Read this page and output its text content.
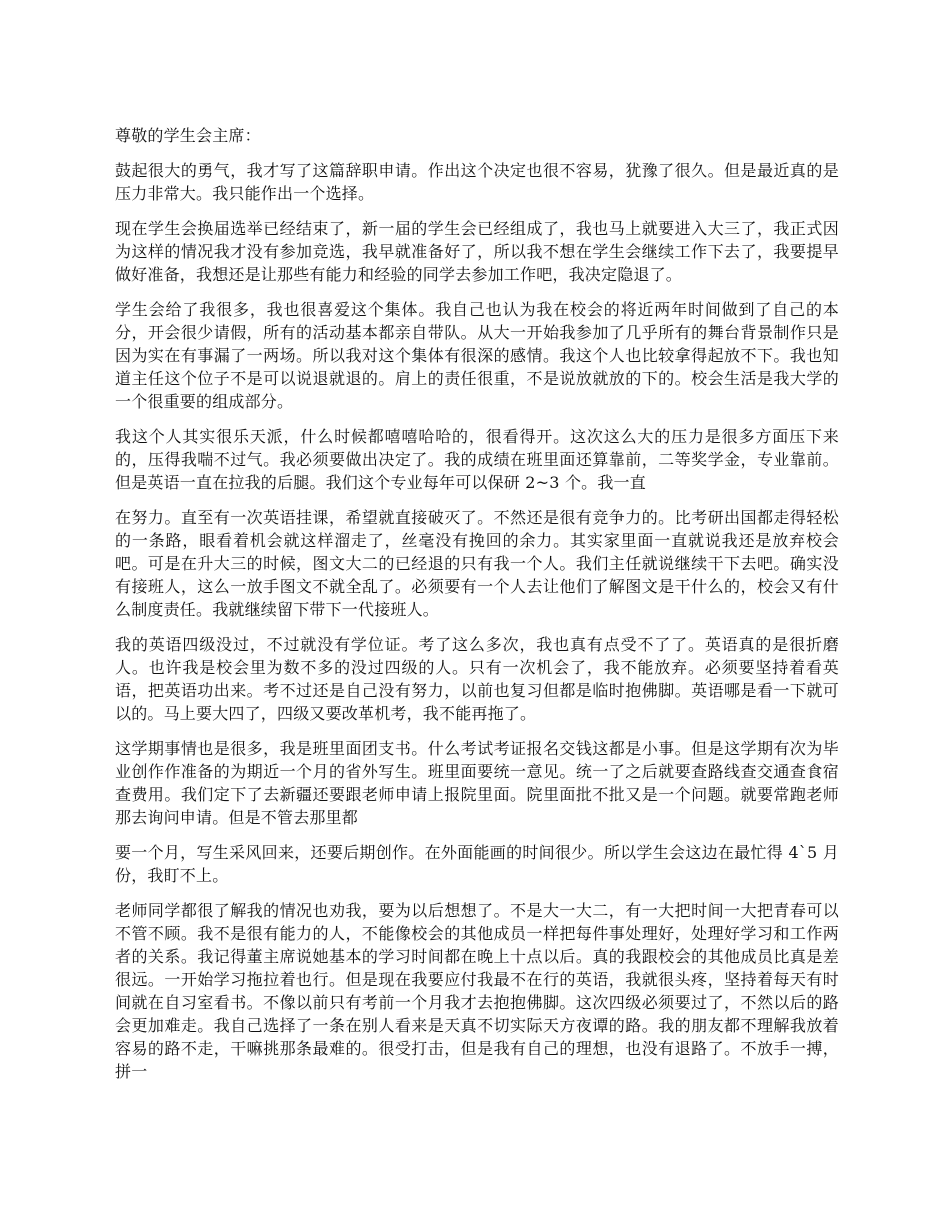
尊敬的学生会主席：

鼓起很大的勇气，我才写了这篇辞职申请。作出这个决定也很不容易，犹豫了很久。但是最近真的是压力非常大。我只能作出一个选择。

现在学生会换届选举已经结束了，新一届的学生会已经组成了，我也马上就要进入大三了，我正式因为这样的情况我才没有参加竞选，我早就准备好了，所以我不想在学生会继续工作下去了，我要提早做好准备，我想还是让那些有能力和经验的同学去参加工作吧，我决定隐退了。

学生会给了我很多，我也很喜爱这个集体。我自己也认为我在校会的将近两年时间做到了自己的本分，开会很少请假，所有的活动基本都亲自带队。从大一开始我参加了几乎所有的舞台背景制作只是因为实在有事漏了一两场。所以我对这个集体有很深的感情。我这个人也比较拿得起放不下。我也知道主任这个位子不是可以说退就退的。肩上的责任很重，不是说放就放的下的。校会生活是我大学的一个很重要的组成部分。

我这个人其实很乐天派，什么时候都嘻嘻哈哈的，很看得开。这次这么大的压力是很多方面压下来的，压得我喘不过气。我必须要做出决定了。我的成绩在班里面还算靠前，二等奖学金，专业靠前。但是英语一直在拉我的后腿。我们这个专业每年可以保研 2~3 个。我一直

在努力。直至有一次英语挂课，希望就直接破灭了。不然还是很有竞争力的。比考研出国都走得轻松的一条路，眼看着机会就这样溜走了，丝毫没有挽回的余力。其实家里面一直就说我还是放弃校会吧。可是在升大三的时候，图文大二的已经退的只有我一个人。我们主任就说继续干下去吧。确实没有接班人，这么一放手图文不就全乱了。必须要有一个人去让他们了解图文是干什么的，校会又有什么制度责任。我就继续留下带下一代接班人。

我的英语四级没过，不过就没有学位证。考了这么多次，我也真有点受不了了。英语真的是很折磨人。也许我是校会里为数不多的没过四级的人。只有一次机会了，我不能放弃。必须要坚持着看英语，把英语功出来。考不过还是自己没有努力，以前也复习但都是临时抱佛脚。英语哪是看一下就可以的。马上要大四了，四级又要改革机考，我不能再拖了。

这学期事情也是很多，我是班里面团支书。什么考试考证报名交钱这都是小事。但是这学期有次为毕业创作作准备的为期近一个月的省外写生。班里面要统一意见。统一了之后就要查路线查交通查食宿查费用。我们定下了去新疆还要跟老师申请上报院里面。院里面批不批又是一个问题。就要常跑老师那去询问申请。但是不管去那里都

要一个月，写生采风回来，还要后期创作。在外面能画的时间很少。所以学生会这边在最忙得 4`5 月份，我盯不上。

老师同学都很了解我的情况也劝我，要为以后想想了。不是大一大二，有一大把时间一大把青春可以不管不顾。我不是很有能力的人，不能像校会的其他成员一样把每件事处理好，处理好学习和工作两者的关系。我记得董主席说她基本的学习时间都在晚上十点以后。真的我跟校会的其他成员比真是差很远。一开始学习拖拉着也行。但是现在我要应付我最不在行的英语，我就很头疼，坚持着每天有时间就在自习室看书。不像以前只有考前一个月我才去抱抱佛脚。这次四级必须要过了，不然以后的路会更加难走。我自己选择了一条在别人看来是天真不切实际天方夜谭的路。我的朋友都不理解我放着容易的路不走，干嘛挑那条最难的。很受打击，但是我有自己的理想，也没有退路了。不放手一搏，拼一
